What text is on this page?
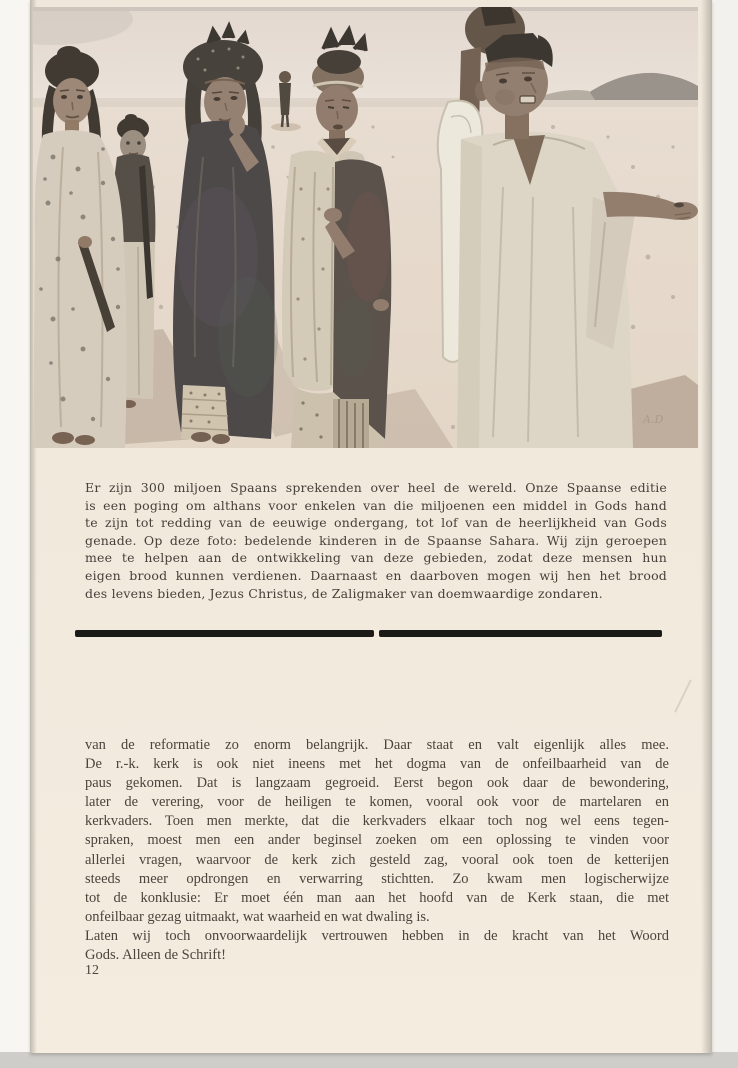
A.D
Er zijn 300 miljoen Spaans sprekenden over heel de wereld. Onze Spaanse editie
is een poging om althans voor enkelen van die miljoenen een middel in Gods hand
te zijn tot redding van de eeuwige ondergang, tot lof van de heerlijkheid van Gods
genade. Op deze foto: bedelende kinderen in de Spaanse Sahara. Wij zijn geroepen
mee te helpen aan de ontwikkeling van deze gebieden, zodat deze mensen hun
eigen brood kunnen verdienen. Daarnaast en daarboven mogen wij hen het brood
des levens bieden, Jezus Christus, de Zaligmaker van doemwaardige zondaren.
van de reformatie zo enorm belangrijk. Daar staat en valt eigenlijk alles mee.
De r.-k. kerk is ook niet ineens met het dogma van de onfeilbaarheid van de
paus gekomen. Dat is langzaam gegroeid. Eerst begon ook daar de bewondering,
later de verering, voor de heiligen te komen, vooral ook voor de martelaren en
kerkvaders. Toen men merkte, dat die kerkvaders elkaar toch nog wel eens tegen-
spraken, moest men een ander beginsel zoeken om een oplossing te vinden voor
allerlei vragen, waarvoor de kerk zich gesteld zag, vooral ook toen de ketterijen
steeds meer opdrongen en verwarring stichtten. Zo kwam men logischerwijze
tot de konklusie: Er moet één man aan het hoofd van de Kerk staan, die met
onfeilbaar gezag uitmaakt, wat waarheid en wat dwaling is.
Laten wij toch onvoorwaardelijk vertrouwen hebben in de kracht van het Woord
Gods. Alleen de Schrift!
12
